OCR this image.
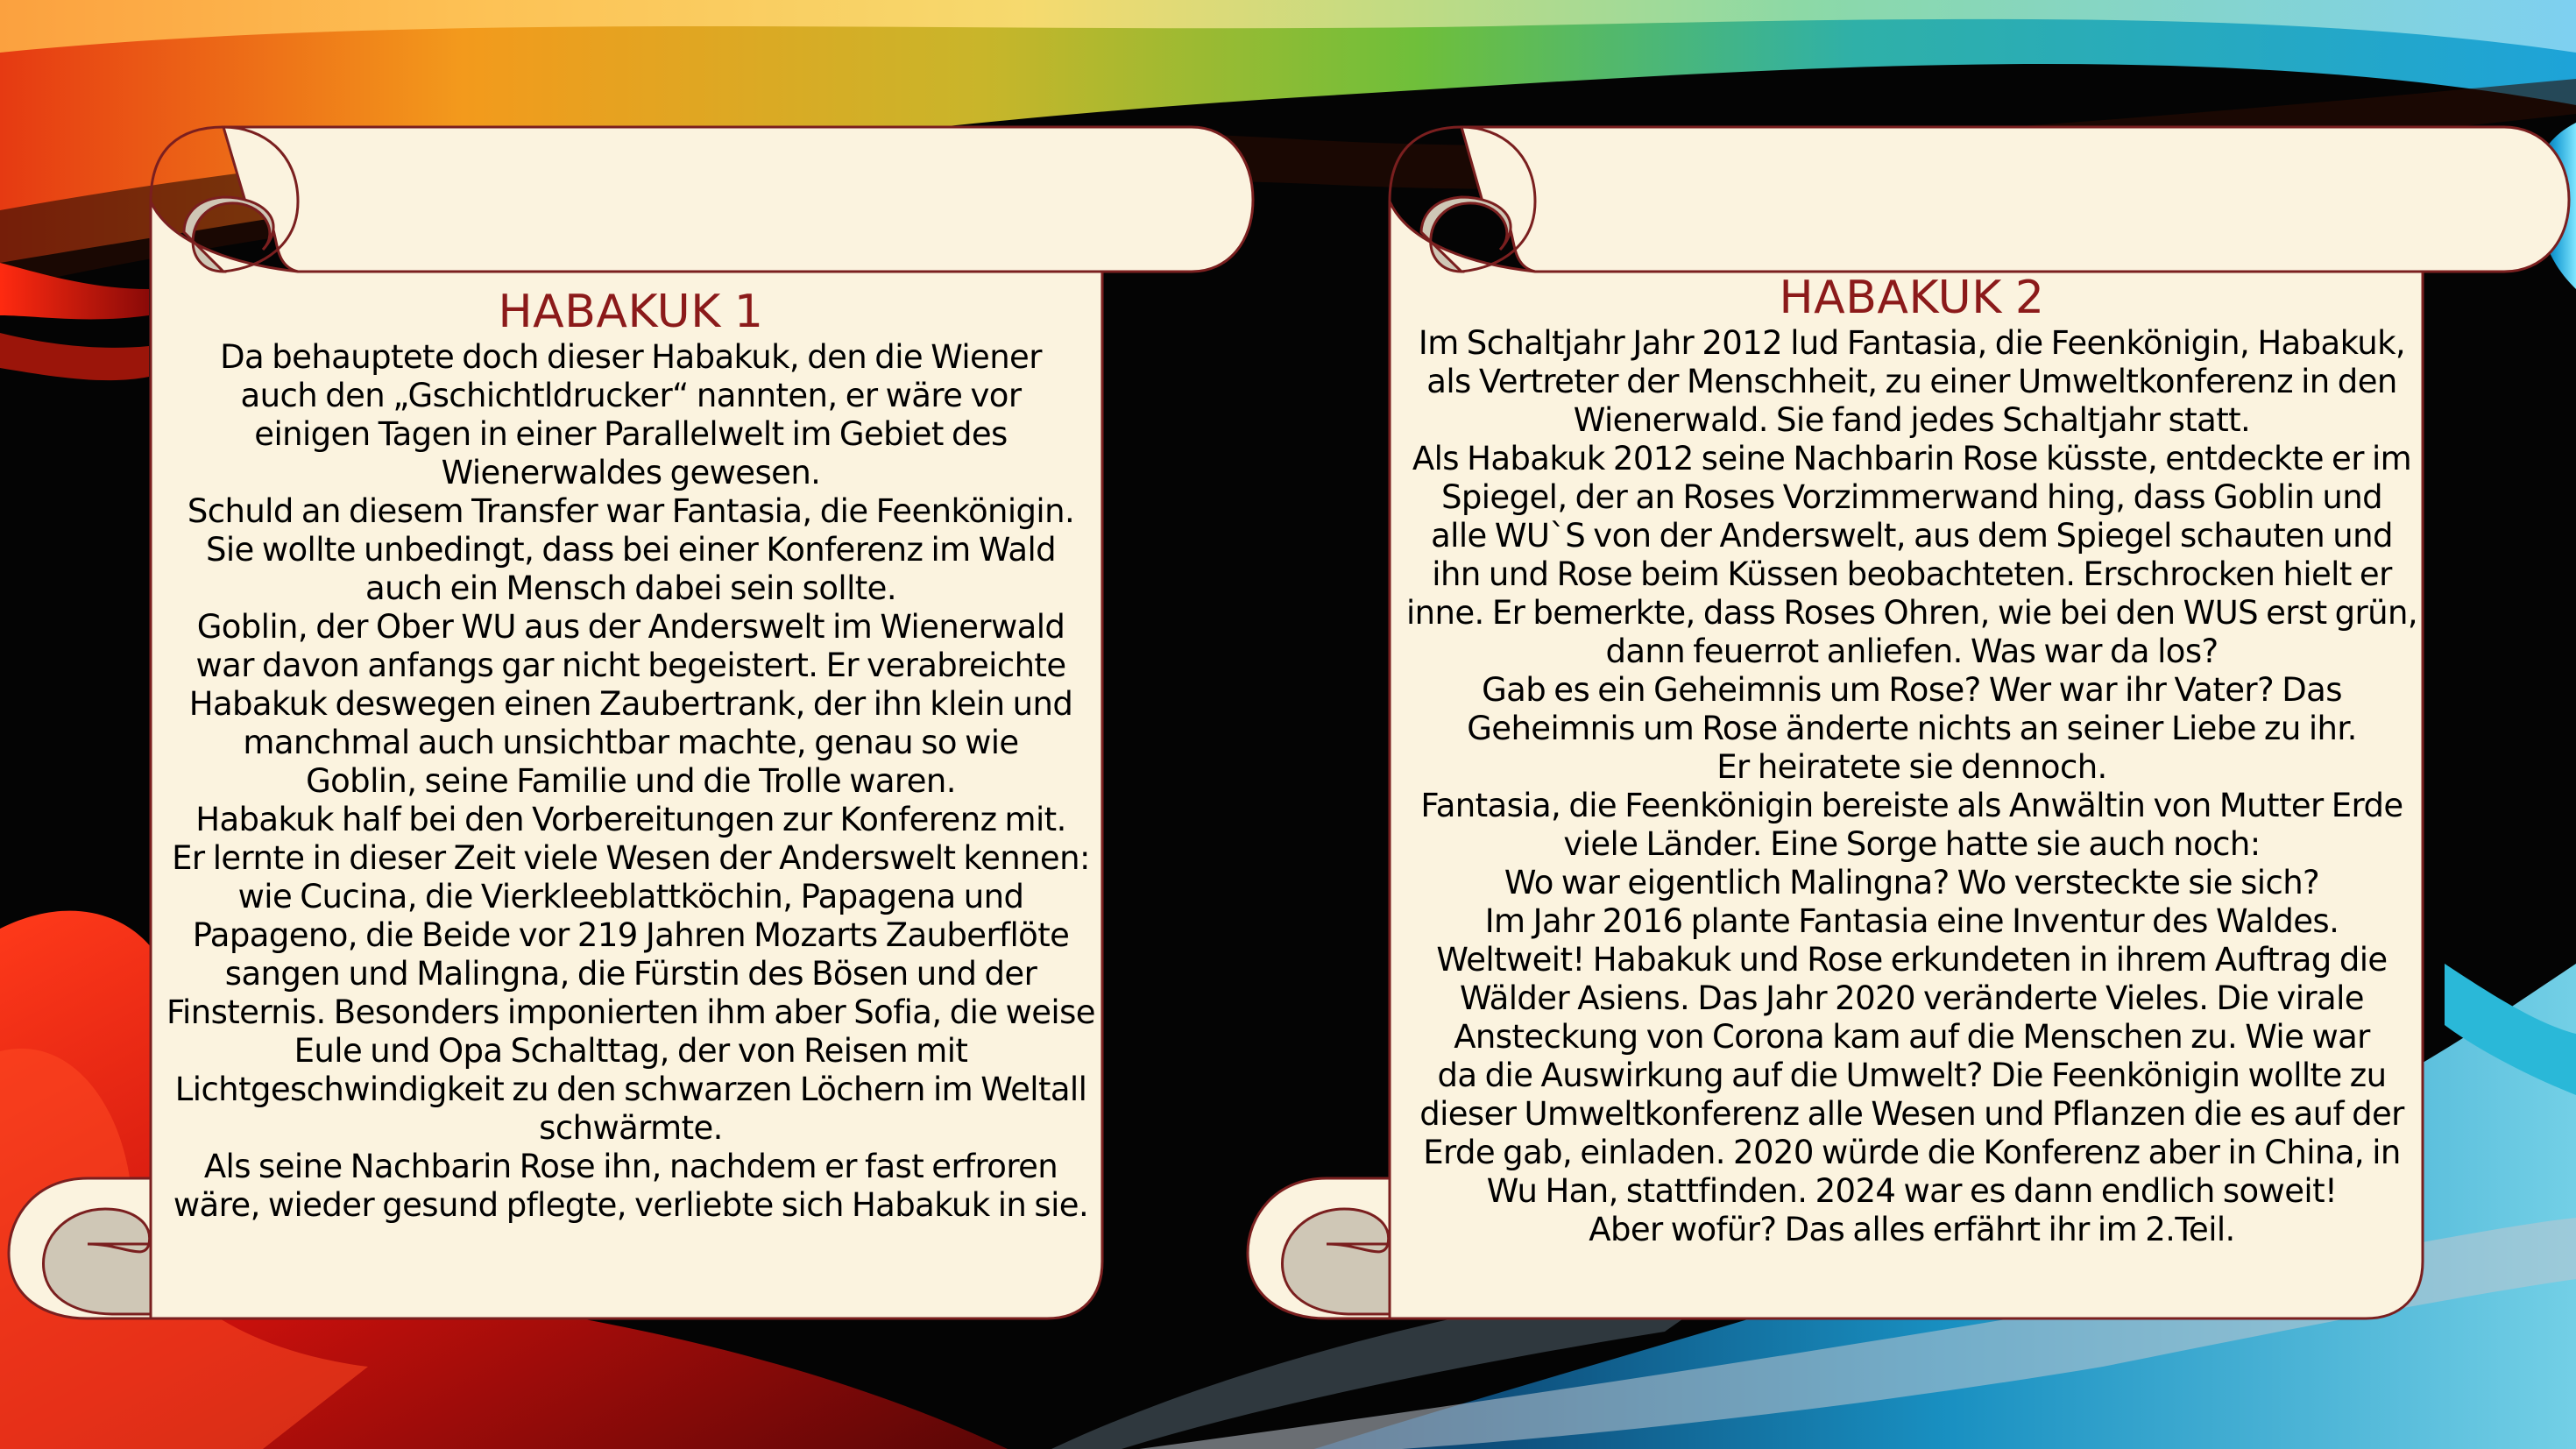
HABAKUK 1

Da behauptete doch dieser Habakuk, den die Wiener
auch den „Gschichtldrucker“ nannten, er wäre vor
einigen Tagen in einer Parallelwelt im Gebiet des
Wienerwaldes gewesen.
Schuld an diesem Transfer war Fantasia, die Feenkönigin.
Sie wollte unbedingt, dass bei einer Konferenz im Wald
auch ein Mensch dabei sein sollte.
Goblin, der Ober WU aus der Anderswelt im Wienerwald
war davon anfangs gar nicht begeistert. Er verabreichte
Habakuk deswegen einen Zaubertrank, der ihn klein und
manchmal auch unsichtbar machte, genau so wie
Goblin, seine Familie und die Trolle waren.
Habakuk half bei den Vorbereitungen zur Konferenz mit.
Er lernte in dieser Zeit viele Wesen der Anderswelt kennen:
wie Cucina, die Vierkleeblattköchin, Papagena und
Papageno, die Beide vor 219 Jahren Mozarts Zauberflöte
sangen und Malingna, die Fürstin des Bösen und der
Finsternis. Besonders imponierten ihm aber Sofia, die weise
Eule und Opa Schalttag, der von Reisen mit
Lichtgeschwindigkeit zu den schwarzen Löchern im Weltall
schwärmte.
Als seine Nachbarin Rose ihn, nachdem er fast erfroren
wäre, wieder gesund pflegte, verliebte sich Habakuk in sie.

HABAKUK 2

Im Schaltjahr Jahr 2012 lud Fantasia, die Feenkönigin, Habakuk,
als Vertreter der Menschheit, zu einer Umweltkonferenz in den
Wienerwald. Sie fand jedes Schaltjahr statt.
Als Habakuk 2012 seine Nachbarin Rose küsste, entdeckte er im
Spiegel, der an Roses Vorzimmerwand hing, dass Goblin und
alle WU`S von der Anderswelt, aus dem Spiegel schauten und
ihn und Rose beim Küssen beobachteten. Erschrocken hielt er
inne. Er bemerkte, dass Roses Ohren, wie bei den WUS erst grün,
dann feuerrot anliefen. Was war da los?
Gab es ein Geheimnis um Rose? Wer war ihr Vater? Das
Geheimnis um Rose änderte nichts an seiner Liebe zu ihr.
Er heiratete sie dennoch.
Fantasia, die Feenkönigin bereiste als Anwältin von Mutter Erde
viele Länder. Eine Sorge hatte sie auch noch:
Wo war eigentlich Malingna? Wo versteckte sie sich?
Im Jahr 2016 plante Fantasia eine Inventur des Waldes.
Weltweit! Habakuk und Rose erkundeten in ihrem Auftrag die
Wälder Asiens. Das Jahr 2020 veränderte Vieles. Die virale
Ansteckung von Corona kam auf die Menschen zu. Wie war
da die Auswirkung auf die Umwelt? Die Feenkönigin wollte zu
dieser Umweltkonferenz alle Wesen und Pflanzen die es auf der
Erde gab, einladen. 2020 würde die Konferenz aber in China, in
Wu Han, stattfinden. 2024 war es dann endlich soweit!
Aber wofür? Das alles erfährt ihr im 2.Teil.
